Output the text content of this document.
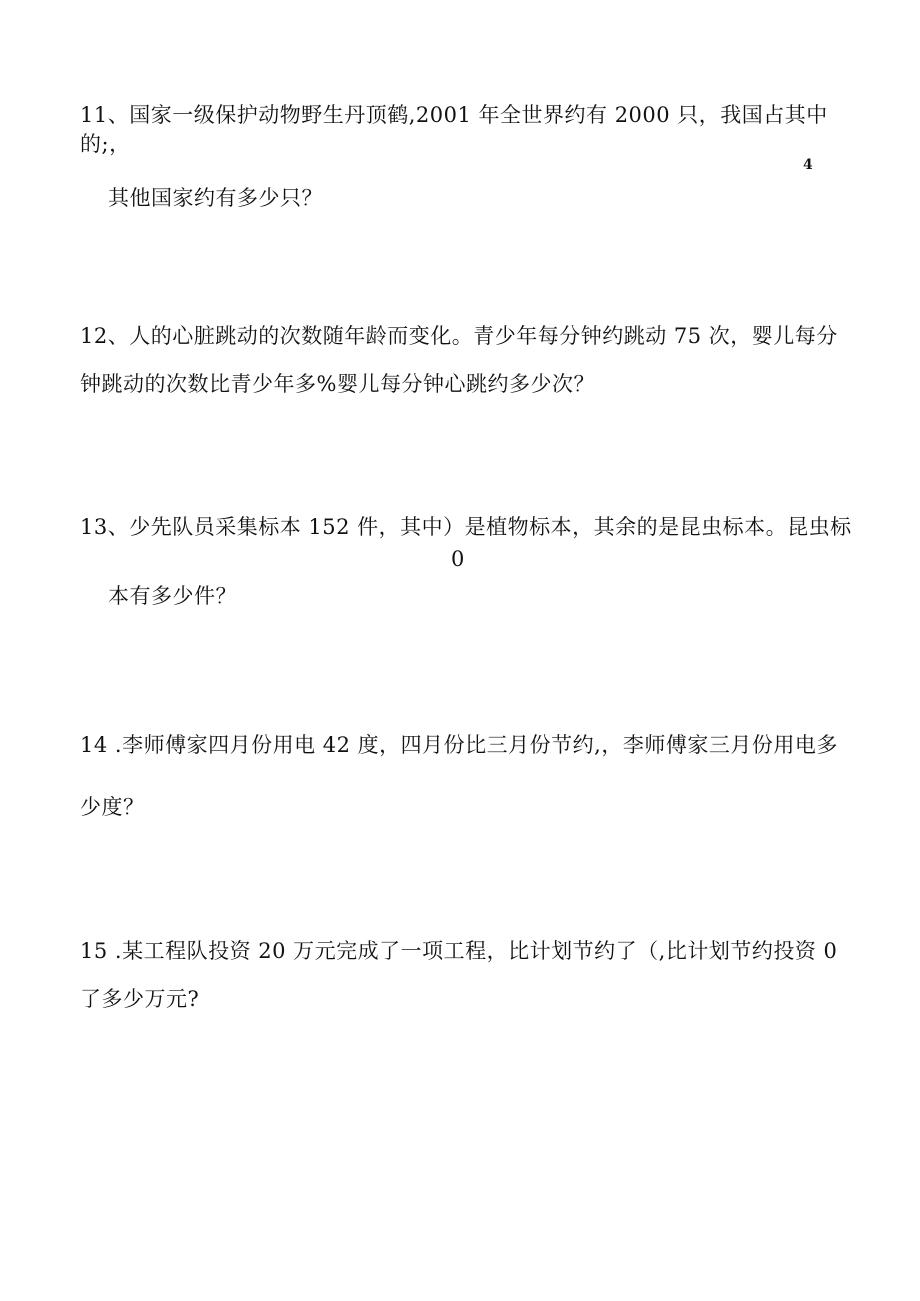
11、国家一级保护动物野生丹顶鹤,2001 年全世界约有 2000 只，我国占其中
的;，
4
其他国家约有多少只？
12、人的心脏跳动的次数随年龄而变化。青少年每分钟约跳动 75 次，婴儿每分
钟跳动的次数比青少年多%婴儿每分钟心跳约多少次？
13、少先队员采集标本 152 件，其中）是植物标本，其余的是昆虫标本。昆虫标
0
本有多少件？
14 .李师傅家四月份用电 42 度，四月份比三月份节约,，李师傅家三月份用电多
少度？
15 .某工程队投资 20 万元完成了一项工程，比计划节约了（,比计划节约投资 0
了多少万元?
